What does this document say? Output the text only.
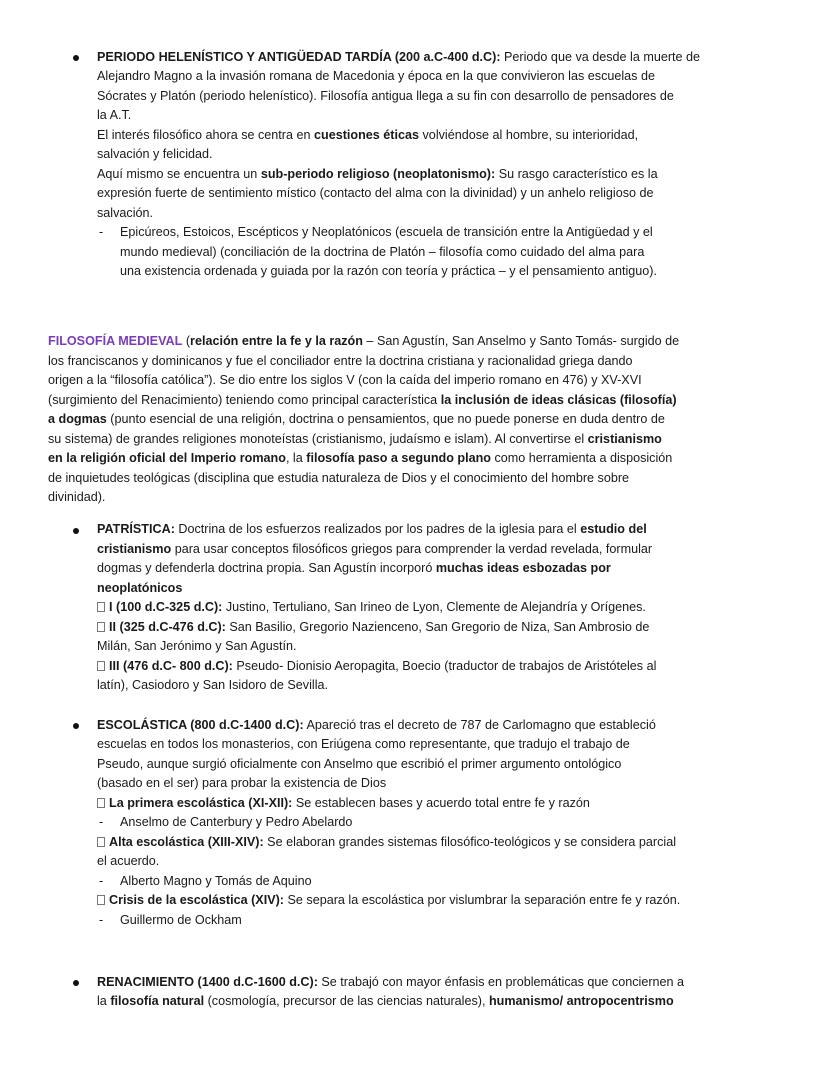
PERIODO HELENÍSTICO Y ANTIGÜEDAD TARDÍA (200 a.C-400 d.C): Periodo que va desde la muerte de
Alejandro Magno a la invasión romana de Macedonia y época en la que convivieron las escuelas de
Sócrates y Platón (periodo helenístico). Filosofía antigua llega a su fin con desarrollo de pensadores de
la A.T.
El interés filosófico ahora se centra en cuestiones éticas volviéndose al hombre, su interioridad,
salvación y felicidad.
Aquí mismo se encuentra un sub-periodo religioso (neoplatonismo): Su rasgo característico es la
expresión fuerte de sentimiento místico (contacto del alma con la divinidad) y un anhelo religioso de
salvación.
- Epicúreos, Estoicos, Escépticos y Neoplatónicos (escuela de transición entre la Antigüedad y el
mundo medieval) (conciliación de la doctrina de Platón – filosofía como cuidado del alma para
una existencia ordenada y guiada por la razón con teoría y práctica – y el pensamiento antiguo).
FILOSOFÍA MEDIEVAL (relación entre la fe y la razón – San Agustín, San Anselmo y Santo Tomás- surgido de
los franciscanos y dominicanos y fue el conciliador entre la doctrina cristiana y racionalidad griega dando
origen a la “filosofía católica”). Se dio entre los siglos V (con la caída del imperio romano en 476) y XV-XVI
(surgimiento del Renacimiento) teniendo como principal característica la inclusión de ideas clásicas (filosofía)
a dogmas (punto esencial de una religión, doctrina o pensamientos, que no puede ponerse en duda dentro de
su sistema) de grandes religiones monoteístas (cristianismo, judaísmo e islam). Al convertirse el cristianismo
en la religión oficial del Imperio romano, la filosofía paso a segundo plano como herramienta a disposición
de inquietudes teológicas (disciplina que estudia naturaleza de Dios y el conocimiento del hombre sobre
divinidad).
PATRÍSTICA: Doctrina de los esfuerzos realizados por los padres de la iglesia para el estudio del
cristianismo para usar conceptos filosóficos griegos para comprender la verdad revelada, formular
dogmas y defenderla doctrina propia. San Agustín incorporó muchas ideas esbozadas por
neoplatónicos
I (100 d.C-325 d.C): Justino, Tertuliano, San Irineo de Lyon, Clemente de Alejandría y Orígenes.
II (325 d.C-476 d.C): San Basilio, Gregorio Nazienceno, San Gregorio de Niza, San Ambrosio de
Milán, San Jerónimo y San Agustín.
III (476 d.C- 800 d.C): Pseudo- Dionisio Aeropagita, Boecio (traductor de trabajos de Aristóteles al
latín), Casiodoro y San Isidoro de Sevilla.
ESCOLÁSTICA (800 d.C-1400 d.C): Apareció tras el decreto de 787 de Carlomagno que estableció
escuelas en todos los monasterios, con Eriúgena como representante, que tradujo el trabajo de
Pseudo, aunque surgió oficialmente con Anselmo que escribió el primer argumento ontológico
(basado en el ser) para probar la existencia de Dios
La primera escolástica (XI-XII): Se establecen bases y acuerdo total entre fe y razón
- Anselmo de Canterbury y Pedro Abelardo
Alta escolástica (XIII-XIV): Se elaboran grandes sistemas filosófico-teológicos y se considera parcial
el acuerdo.
- Alberto Magno y Tomás de Aquino
Crisis de la escolástica (XIV): Se separa la escolástica por vislumbrar la separación entre fe y razón.
- Guillermo de Ockham
RENACIMIENTO (1400 d.C-1600 d.C): Se trabajó con mayor énfasis en problemáticas que conciernen a
la filosofía natural (cosmología, precursor de las ciencias naturales), humanismo/ antropocentrismo
